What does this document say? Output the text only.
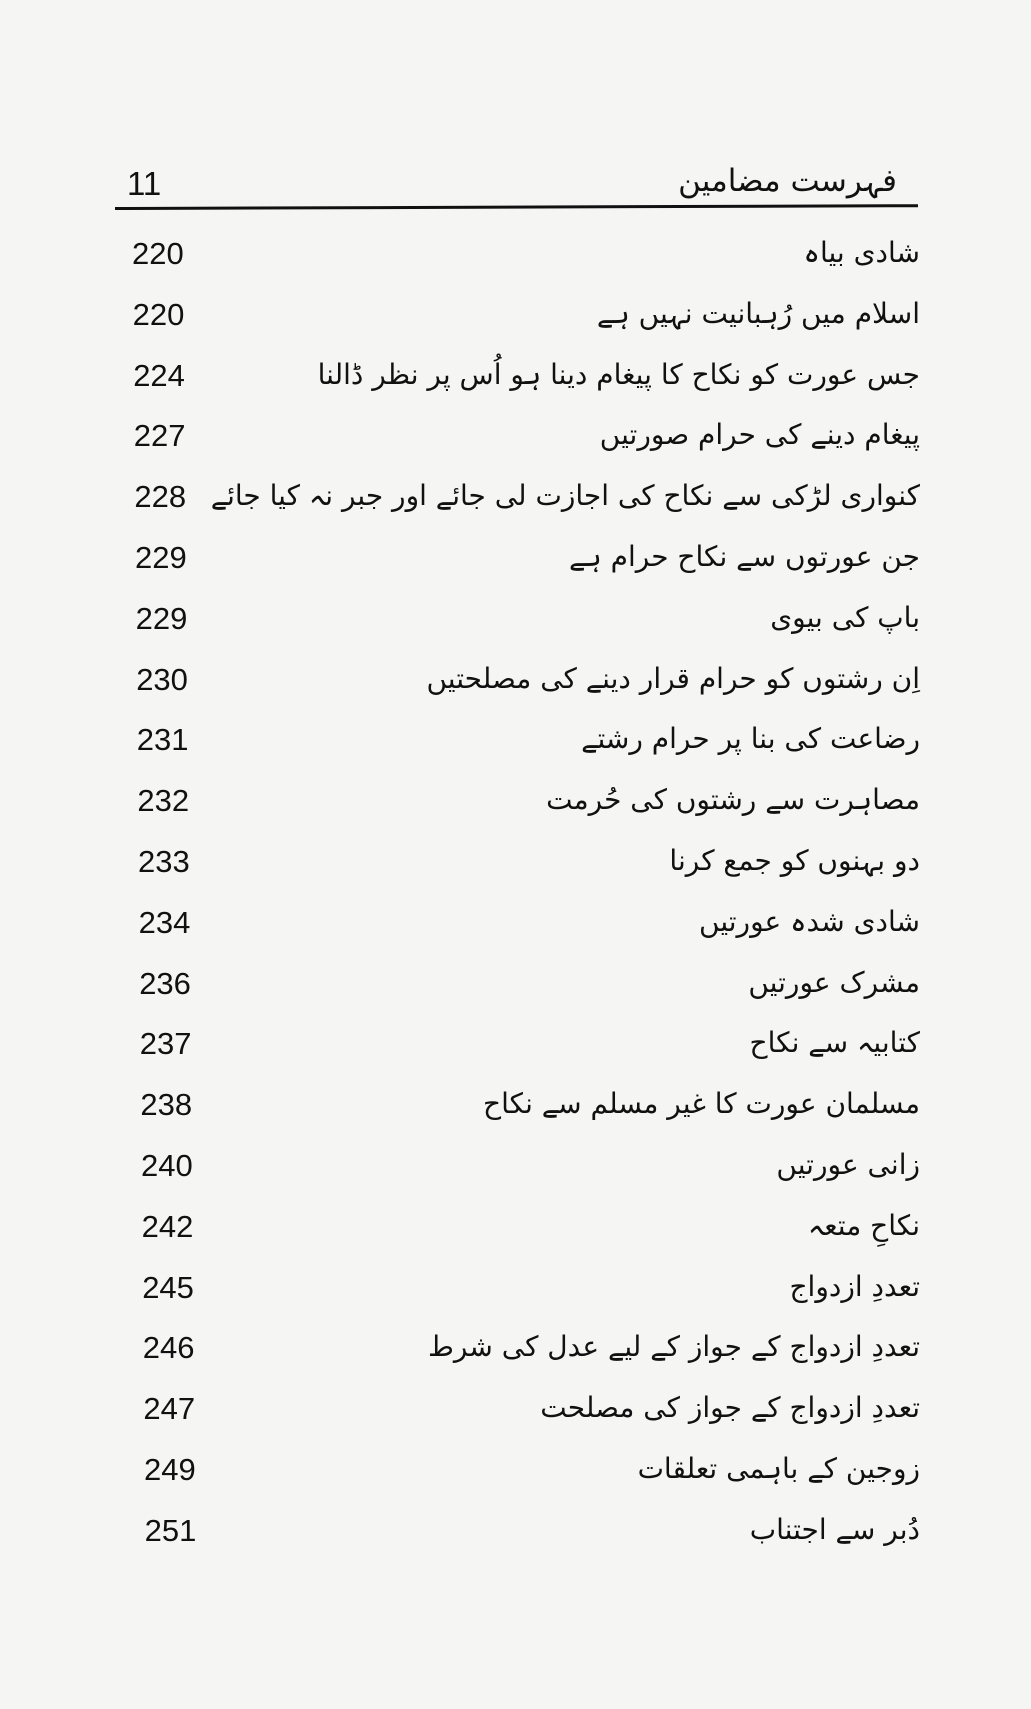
11	فہرست مضامین
220	شادی بیاہ
220	اسلام میں رُہبانیت نہیں ہے
224	جس عورت کو نکاح کا پیغام دینا ہو اُس پر نظر ڈالنا
227	پیغام دینے کی حرام صورتیں
228 کنواری لڑکی سے نکاح کی اجازت لی جائے اور جبر نہ کیا جائے
229	جن عورتوں سے نکاح حرام ہے
229	باپ کی بیوی
230	اِن رشتوں کو حرام قرار دینے کی مصلحتیں
231	رضاعت کی بنا پر حرام رشتے
232	مصاہرت سے رشتوں کی حُرمت
233	دو بہنوں کو جمع کرنا
234	شادی شدہ عورتیں
236	مشرک عورتیں
237	کتابیہ سے نکاح
238	مسلمان عورت کا غیر مسلم سے نکاح
240	زانی عورتیں
242	نکاحِ متعہ
245	تعددِ ازدواج
246	تعددِ ازدواج کے جواز کے لیے عدل کی شرط
247	تعددِ ازدواج کے جواز کی مصلحت
249	زوجین کے باہمی تعلقات
251	دُبر سے اجتناب
